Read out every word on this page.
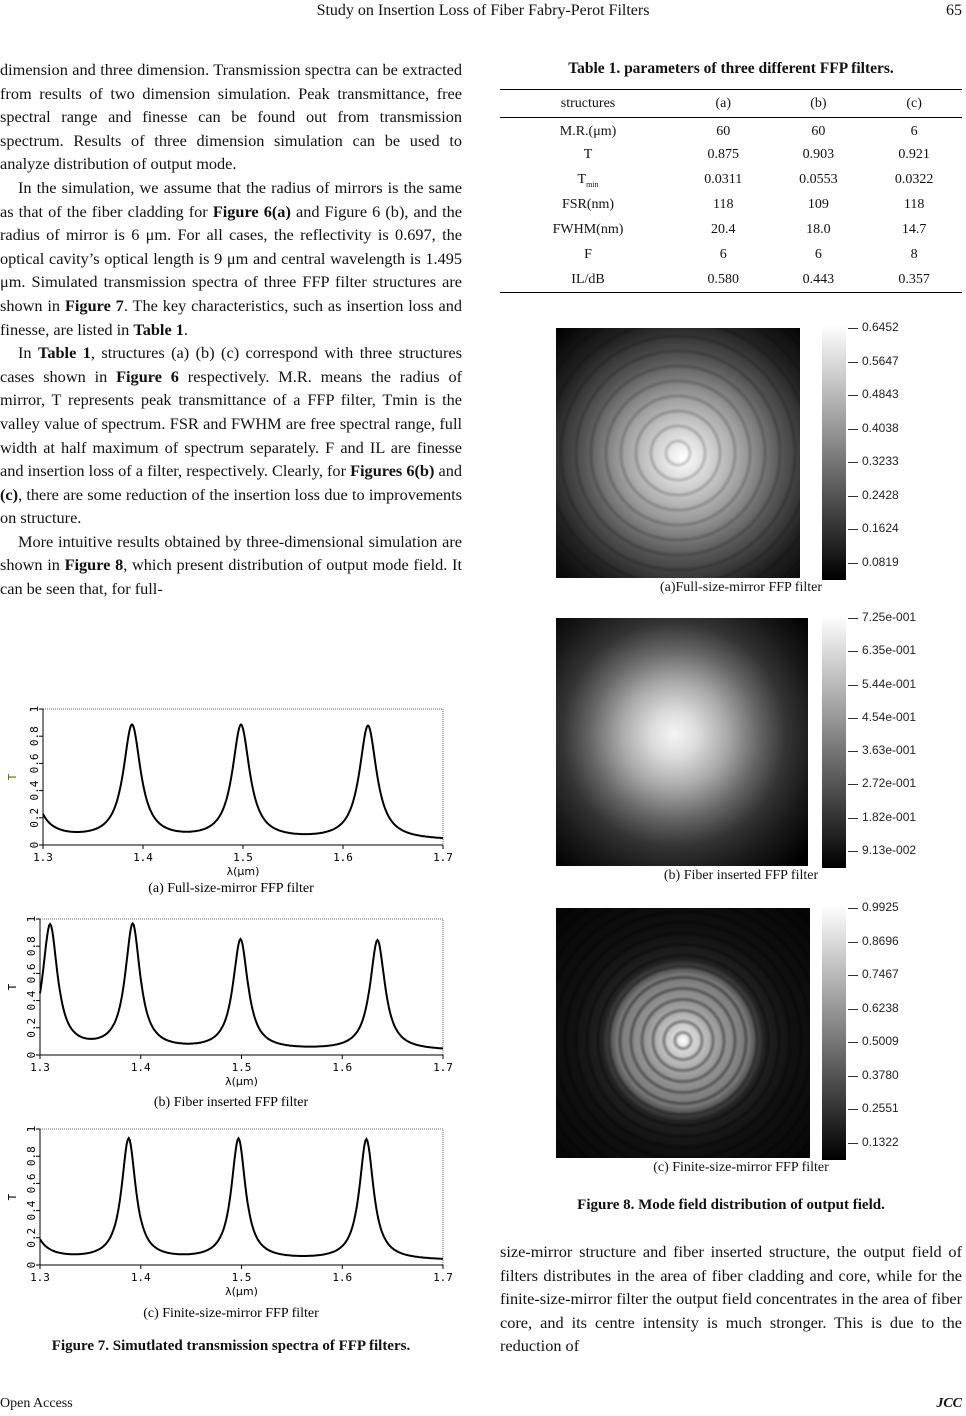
Study on Insertion Loss of Fiber Fabry-Perot Filters	65

dimension and three dimension. Transmission spectra can be extracted from results of two dimension simulation. Peak transmittance, free spectral range and finesse can be found out from transmission spectrum. Results of three dimension simulation can be used to analyze distribution of output mode.

In the simulation, we assume that the radius of mirrors is the same as that of the fiber cladding for Figure 6(a) and Figure 6 (b), and the radius of mirror is 6 μm. For all cases, the reflectivity is 0.697, the optical cavity’s optical length is 9 μm and central wavelength is 1.495 μm. Simulated transmission spectra of three FFP filter structures are shown in Figure 7. The key characteristics, such as insertion loss and finesse, are listed in Table 1.

In Table 1, structures (a) (b) (c) correspond with three structures cases shown in Figure 6 respectively. M.R. means the radius of mirror, T represents peak transmittance of a FFP filter, Tmin is the valley value of spectrum. FSR and FWHM are free spectral range, full width at half maximum of spectrum separately. F and IL are finesse and insertion loss of a filter, respectively. Clearly, for Figures 6(b) and (c), there are some reduction of the insertion loss due to improvements on structure.

More intuitive results obtained by three-dimensional simulation are shown in Figure 8, which present distribution of output mode field. It can be seen that, for full-

1.3	1.4	1.5	1.6	1.7
0
0.2
0.4
0.6
0.8
1
T
λ(μm)
(a) Full-size-mirror FFP filter
1.3	1.4	1.5	1.6	1.7
0
0.2
0.4
0.6
0.8
1
T
λ(μm)
(b) Fiber inserted FFP filter
1.3	1.4	1.5	1.6	1.7
0
0.2
0.4
0.6
0.8
1
T
λ(μm)
(c) Finite-size-mirror FFP filter
Figure 7. Simutlated transmission spectra of FFP filters.
Table 1. parameters of three different FFP filters.
structures	(a)	(b)	(c)
M.R.(μm)	60	60	6
T	0.875	0.903	0.921
$T_{min}$	0.0311	0.0553	0.0322
FSR(nm)	118	109	118
FWHM(nm)	20.4	18.0	14.7
F	6	6	8
IL/dB	0.580	0.443	0.357
0.6452
0.5647
0.4843
0.4038
0.3233
0.2428
0.1624
0.0819
(a)Full-size-mirror FFP filter
7.25e-001
6.35e-001
5.44e-001
4.54e-001
3.63e-001
2.72e-001
1.82e-001
9.13e-002
(b) Fiber inserted FFP filter
0.9925
0.8696
0.7467
0.6238
0.5009
0.3780
0.2551
0.1322
(c) Finite-size-mirror FFP filter
Figure 8. Mode field distribution of output field.

size-mirror structure and fiber inserted structure, the output field of filters distributes in the area of fiber cladding and core, while for the finite-size-mirror filter the output field concentrates in the area of fiber core, and its centre intensity is much stronger. This is due to the reduction of

Open Access	JCC
